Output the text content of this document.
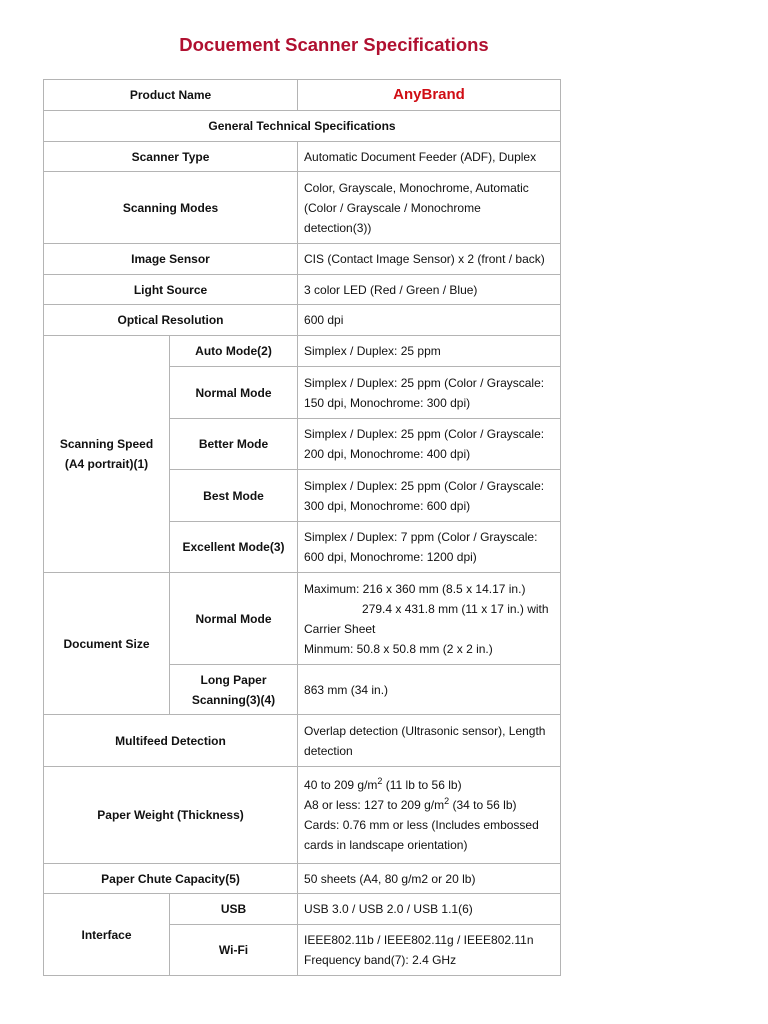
Docuement Scanner Specifications
Product Name		AnyBrand
General Technical Specifications		
Scanner Type		Automatic Document Feeder (ADF), Duplex
Scanning Modes		Color, Grayscale, Monochrome, Automatic
(Color / Grayscale / Monochrome
detection(3))

Image Sensor		CIS (Contact Image Sensor) x 2 (front / back)
Light Source		3 color LED (Red / Green / Blue)
Optical Resolution		600 dpi

Scanning Speed
(A4 portrait)(1)	Auto Mode(2)	Simplex / Duplex: 25 ppm
	Normal Mode	Simplex / Duplex: 25 ppm (Color / Grayscale:
150 dpi, Monochrome: 300 dpi)

	Better Mode	Simplex / Duplex: 25 ppm (Color / Grayscale:
200 dpi, Monochrome: 400 dpi)

	Best Mode	Simplex / Duplex: 25 ppm (Color / Grayscale:
300 dpi, Monochrome: 600 dpi)

	Excellent Mode(3)	Simplex / Duplex: 7 ppm (Color / Grayscale:
600 dpi, Monochrome: 1200 dpi)

Document Size	Normal Mode	Maximum: 216 x 360 mm (8.5 x 14.17 in.)
279.4 x 431.8 mm (11 x 17 in.) with
Carrier Sheet
Minmum: 50.8 x 50.8 mm (2 x 2 in.)

	Long Paper
Scanning(3)(4)	863 mm (34 in.)
Multifeed Detection		Overlap detection (Ultrasonic sensor), Length
detection

Paper Weight (Thickness)		40 to 209 $g/m^2$ (11 lb to 56 lb)
A8 or less: 127 to 209 $g/m^2$ (34 to 56 lb)
Cards: 0.76 mm or less (Includes embossed
cards in landscape orientation)

Paper Chute Capacity(5)		50 sheets (A4, 80 g/m2 or 20 lb)
Interface	USB	USB 3.0 / USB 2.0 / USB 1.1(6)
	Wi-Fi	IEEE802.11b / IEEE802.11g / IEEE802.11n
Frequency band(7): 2.4 GHz
